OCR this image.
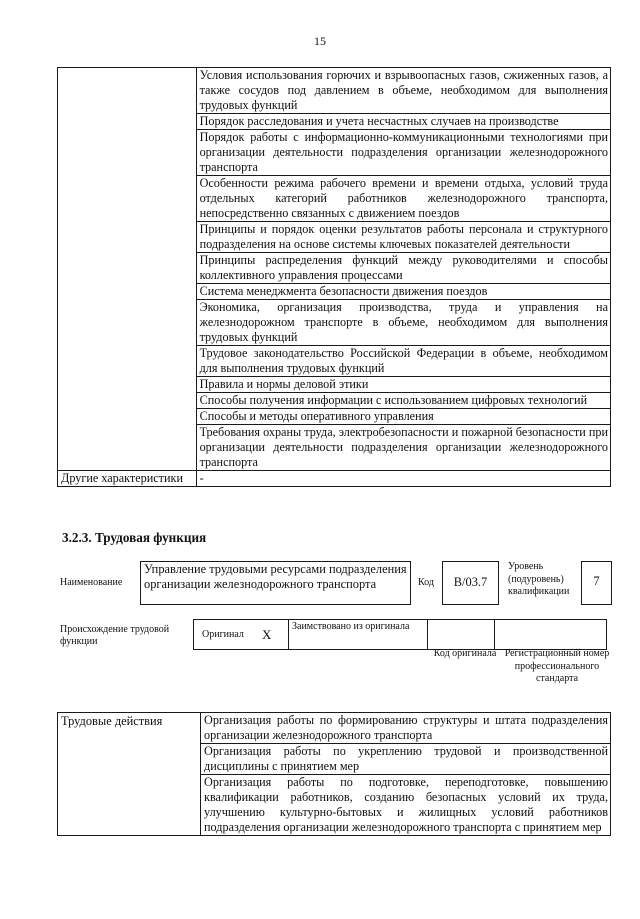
15

	Условия использования горючих и взрывоопасных газов, сжиженных газов, а также сосудов под давлением в объеме, необходимом для выполнения трудовых функций

	Порядок расследования и учета несчастных случаев на производстве

	Порядок работы с информационно-коммуникационными технологиями при организации деятельности подразделения организации железнодорожного транспорта

	Особенности режима рабочего времени и времени отдыха, условий труда отдельных категорий работников железнодорожного транспорта, непосредственно связанных с движением поездов

	Принципы и порядок оценки результатов работы персонала и структурного подразделения на основе системы ключевых показателей деятельности

	Принципы распределения функций между руководителями и способы коллективного управления процессами

	Система менеджмента безопасности движения поездов

	Экономика, организация производства, труда и управления на железнодорожном транспорте в объеме, необходимом для выполнения трудовых функций

	Трудовое законодательство Российской Федерации в объеме, необходимом для выполнения трудовых функций

	Правила и нормы деловой этики

	Способы получения информации с использованием цифровых технологий

	Способы и методы оперативного управления

	Требования охраны труда, электробезопасности и пожарной безопасности при организации деятельности подразделения организации железнодорожного транспорта

Другие характеристики	-
3.2.3. Трудовая функция
Наименование
Управление трудовыми ресурсами подразделения организации железнодорожного транспорта	Код	B/03.7
Уровень (подуровень) квалификации
7
Происхождение трудовой функции
Оригинал	X	Заимствовано из оригинала		
Код оригинала Регистрационный номер профессионального стандарта
Трудовые действия	Организация работы по формированию структуры и штата подразделения организации железнодорожного транспорта

Организация работы по укреплению трудовой и производственной дисциплины с принятием мер

Организация работы по подготовке, переподготовке, повышению квалификации работников, созданию безопасных условий их труда, улучшению культурно-бытовых и жилищных условий работников подразделения организации железнодорожного транспорта с принятием мер
